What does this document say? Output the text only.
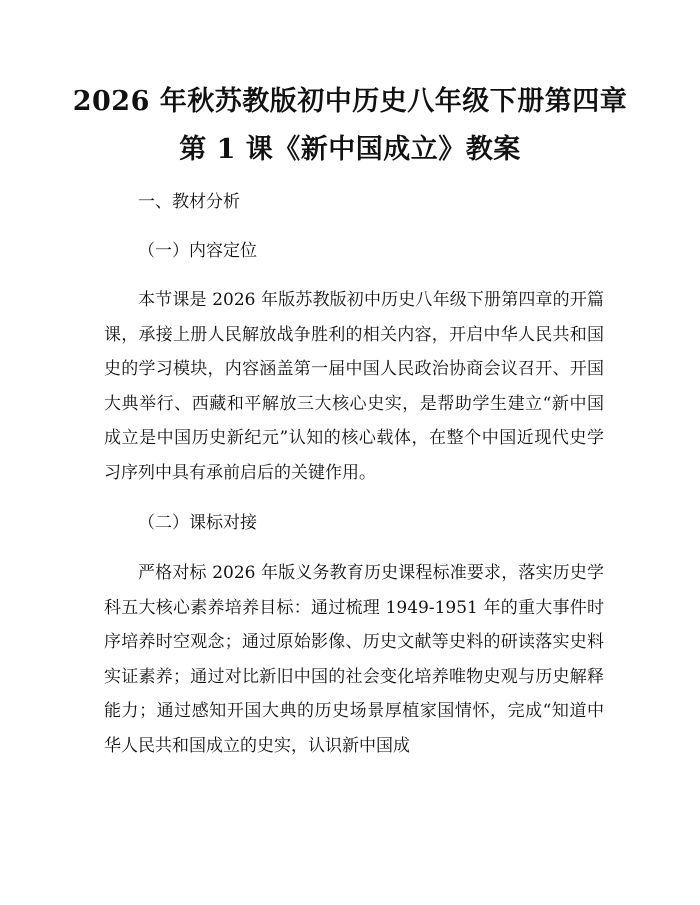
2026 年秋苏教版初中历史八年级下册第四章
第 1 课《新中国成立》教案
一、教材分析
（一）内容定位

本节课是 2026 年版苏教版初中历史八年级下册第四章的开篇课，承接上册人民解放战争胜利的相关内容，开启中华人民共和国史的学习模块，内容涵盖第一届中国人民政治协商会议召开、开国大典举行、西藏和平解放三大核心史实，是帮助学生建立“新中国成立是中国历史新纪元”认知的核心载体，在整个中国近现代史学习序列中具有承前启后的关键作用。

（二）课标对接

严格对标 2026 年版义务教育历史课程标准要求，落实历史学科五大核心素养培养目标：通过梳理 1949-1951 年的重大事件时序培养时空观念；通过原始影像、历史文献等史料的研读落实史料实证素养；通过对比新旧中国的社会变化培养唯物史观与历史解释能力；通过感知开国大典的历史场景厚植家国情怀，完成“知道中华人民共和国成立的史实，认识新中国成
